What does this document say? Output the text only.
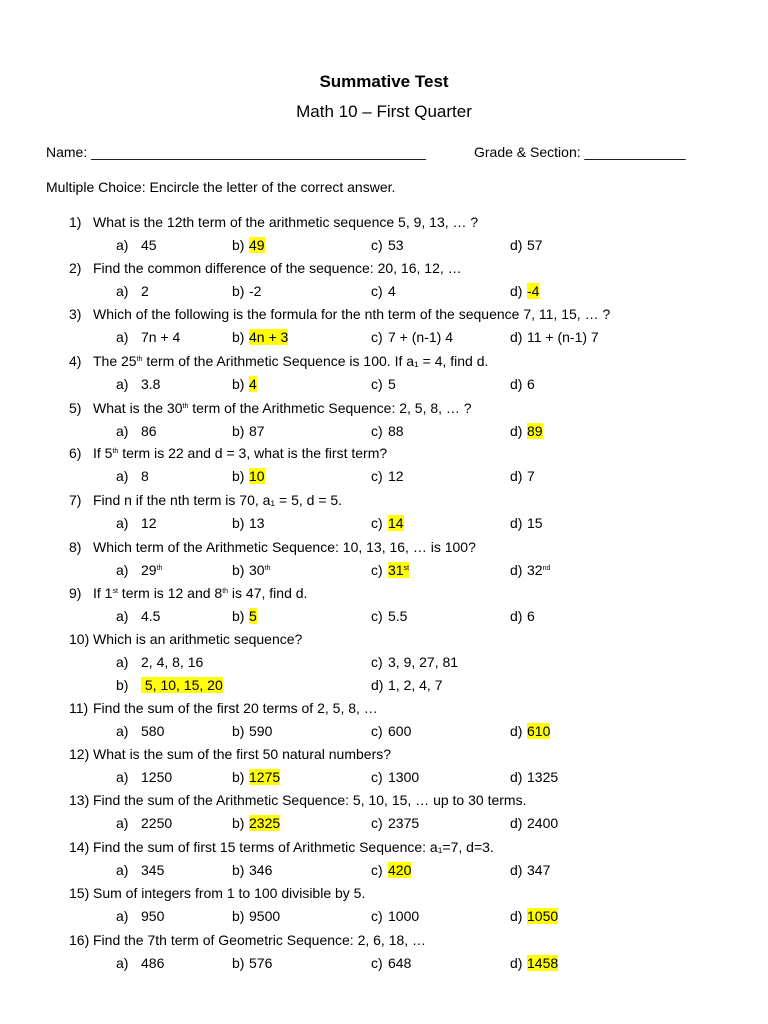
Summative Test
Math 10 – First Quarter
Name: ___________________________________________	Grade & Section: _____________
Multiple Choice: Encircle the letter of the correct answer.
1) What is the 12th term of the arithmetic sequence 5, 9, 13, … ?
a) 45	b) 49	c) 53	d) 57
2) Find the common difference of the sequence: 20, 16, 12, …
a) 2	b) -2	c) 4	d) -4
3) Which of the following is the formula for the nth term of the sequence 7, 11, 15, … ?
a) 7n + 4	b) 4n + 3	c) 7 + (n-1) 4	d) 11 + (n-1) 7
4) The 25th term of the Arithmetic Sequence is 100. If a₁ = 4, find d.
a) 3.8	b) 4	c) 5	d) 6
5) What is the 30th term of the Arithmetic Sequence: 2, 5, 8, … ?
a) 86	b) 87	c) 88	d) 89
6) If 5th term is 22 and d = 3, what is the first term?
a) 8	b) 10	c) 12	d) 7
7) Find n if the nth term is 70, a₁ = 5, d = 5.
a) 12	b) 13	c) 14	d) 15
8) Which term of the Arithmetic Sequence: 10, 13, 16, … is 100?
a) 29th	b) 30th	c) 31st	d) 32nd
9) If 1st term is 12 and 8th is 47, find d.
a) 4.5	b) 5	c) 5.5	d) 6
10) Which is an arithmetic sequence?
a) 2, 4, 8, 16	c) 3, 9, 27, 81
b) 5, 10, 15, 20	d) 1, 2, 4, 7
11) Find the sum of the first 20 terms of 2, 5, 8, …
a) 580	b) 590	c) 600	d) 610
12) What is the sum of the first 50 natural numbers?
a) 1250	b) 1275	c) 1300	d) 1325
13) Find the sum of the Arithmetic Sequence: 5, 10, 15, … up to 30 terms.
a) 2250	b) 2325	c) 2375	d) 2400
14) Find the sum of first 15 terms of Arithmetic Sequence: a₁=7, d=3.
a) 345	b) 346	c) 420	d) 347
15) Sum of integers from 1 to 100 divisible by 5.
a) 950	b) 9500	c) 1000	d) 1050
16) Find the 7th term of Geometric Sequence: 2, 6, 18, …
a) 486	b) 576	c) 648	d) 1458
